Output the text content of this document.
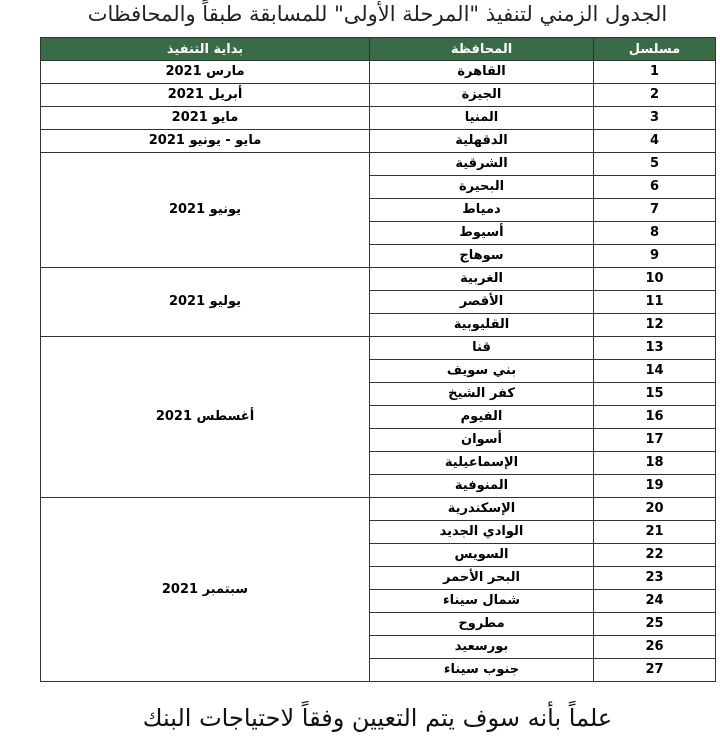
الجدول الزمني لتنفيذ "المرحلة الأولى" للمسابقة طبقاً والمحافظات
مسلسل	المحافظة	بداية التنفيذ
1	القاهرة	مارس 2021
2	الجيزة	أبريل 2021
3	المنيا	مايو 2021
4	الدقهلية	مايو - يونيو 2021
5	الشرقية	يونيو 2021
6	البحيرة	
7	دمياط	
8	أسيوط	
9	سوهاج	
10	الغربية	يوليو 2021
11	الأقصر	
12	القليوبية	
13	قنا	أغسطس 2021
14	بني سويف	
15	كفر الشيخ	
16	الفيوم	
17	أسوان	
18	الإسماعيلية	
19	المنوفية	
20	الإسكندرية	سبتمبر 2021
21	الوادي الجديد	
22	السويس	
23	البحر الأحمر	
24	شمال سيناء	
25	مطروح	
26	بورسعيد	
27	جنوب سيناء	
علماً بأنه سوف يتم التعيين وفقاً لاحتياجات البنك
